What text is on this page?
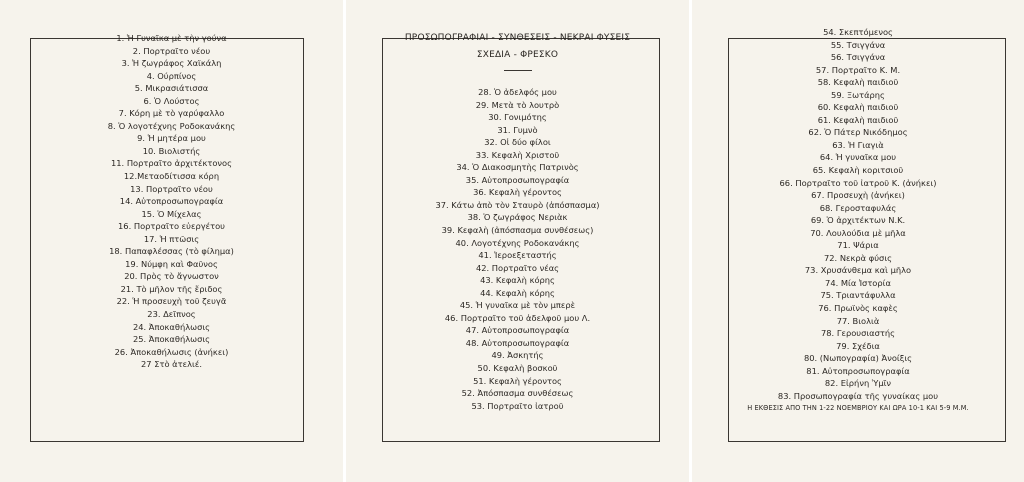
1. Ἡ Γυναῖκα μὲ τὴν γούνα
2. Πορτραῖτο νέου
3. Ἡ ζωγράφος Χαϊκάλη
4. Ούρπίνος
5. Μικρασιάτισσα
6. Ὁ Λούστος
7. Κόρη μὲ τὸ γαρύφαλλο
8. Ὁ λογοτέχνης Ροδοκανάκης
9. Ἡ μητέρα μου
10. Βιολιστής
11. Πορτραῖτο ἀρχιτέκτονος
12.Μεταοδίτισσα κόρη
13. Πορτραῖτο νέου
14. Αὐτοπροσωπογραφία
15. Ὁ Μίχελας
16. Πορτραῖτο εὐεργέτου
17. Ἡ πτῶσις
18. Παπαφλέσσας (τὸ φίλημα)
19. Νύμφη καὶ Φαῦνος
20. Πρὸς τὸ ἄγνωστον
21. Τὸ μῆλον τῆς ἔριδος
22. Ἡ προσευχὴ τοῦ ζευγᾶ
23. Δεῖπνος
24. Ἀποκαθήλωσις
25. Ἀποκαθήλωσις
26. Ἀποκαθήλωσις (ἀνήκει)
27 Στὸ ἀτελιέ.
ΠΡΟΣΩΠΟΓΡΑΦΙΑΙ - ΣΥΝΘΕΣΕΙΣ - ΝΕΚΡΑΙ ΦΥΣΕΙΣ
ΣΧΕΔΙΑ - ΦΡΕΣΚΟ
28. Ὁ ἀδελφός μου
29. Μετὰ τὸ λουτρὸ
30. Γονιμότης
31. Γυμνὸ
32. Οἱ δύο φίλοι
33. Κεφαλὴ Χριστοῦ
34. Ὁ Διακοσμητὴς Πατρινὸς
35. Αὐτοπροσωπογραφία
36. Κεφαλὴ γέροντος
37. Κάτω ἀπὸ τὸν Σταυρὸ (ἀπόσπασμα)
38. Ὁ ζωγράφος Νεριὰκ
39. Κεφαλὴ (ἀπόσπασμα συνθέσεως)
40. Λογοτέχνης Ροδοκανάκης
41. Ἱεροεξεταστής
42. Πορτραῖτο νέας
43. Κεφαλὴ κόρης
44. Κεφαλὴ κόρης
45. Ἡ γυναῖκα μὲ τὸν μπερὲ
46. Πορτραῖτο τοῦ ἀδελφοῦ μου Λ.
47. Αὐτοπροσωπογραφία
48. Αὐτοπροσωπογραφία
49. Ἀσκητής
50. Κεφαλὴ βοσκοῦ
51. Κεφαλὴ γέροντος
52. Ἀπόσπασμα συνθέσεως
53. Πορτραῖτο ἰατροῦ
54. Σκεπτόμενος
55. Τσιγγάνα
56. Τσιγγάνα
57. Πορτραῖτο Κ. Μ.
58. Κεφαλὴ παιδιοῦ
59. Ξωτάρης
60. Κεφαλὴ παιδιοῦ
61. Κεφαλὴ παιδιοῦ
62. Ὁ Πάτερ Νικόδημος
63. Ἡ Γιαγιὰ
64. Ἡ γυναῖκα μου
65. Κεφαλὴ κοριτσιοῦ
66. Πορτραῖτο τοῦ ἰατροῦ Κ. (ἀνήκει)
67. Προσευχὴ (ἀνήκει)
68. Γεροσταφυλάς
69. Ὁ ἀρχιτέκτων Ν.Κ.
70. Λουλούδια μὲ μῆλα
71. Ψάρια
72. Νεκρὰ φύσις
73. Χρυσάνθεμα καὶ μῆλο
74. Μία Ἱστορία
75. Τριαντάφυλλα
76. Πρωϊνὸς καφὲς
77. Βιολιὰ
78. Γερουσιαστής
79. Σχέδια
80. (Νωπογραφία) Ἀνοίξις
81. Αὐτοπροσωπογραφία
82. Εἰρήνη Ὑμῖν
83. Προσωπογραφία τῆς γυναίκας μου
Η ΕΚΘΕΣΙΣ ΑΠΟ ΤΗΝ 1-22 ΝΟΕΜΒΡΙΟΥ ΚΑΙ ΩΡΑ 10-1 ΚΑΙ 5-9 Μ.Μ.
